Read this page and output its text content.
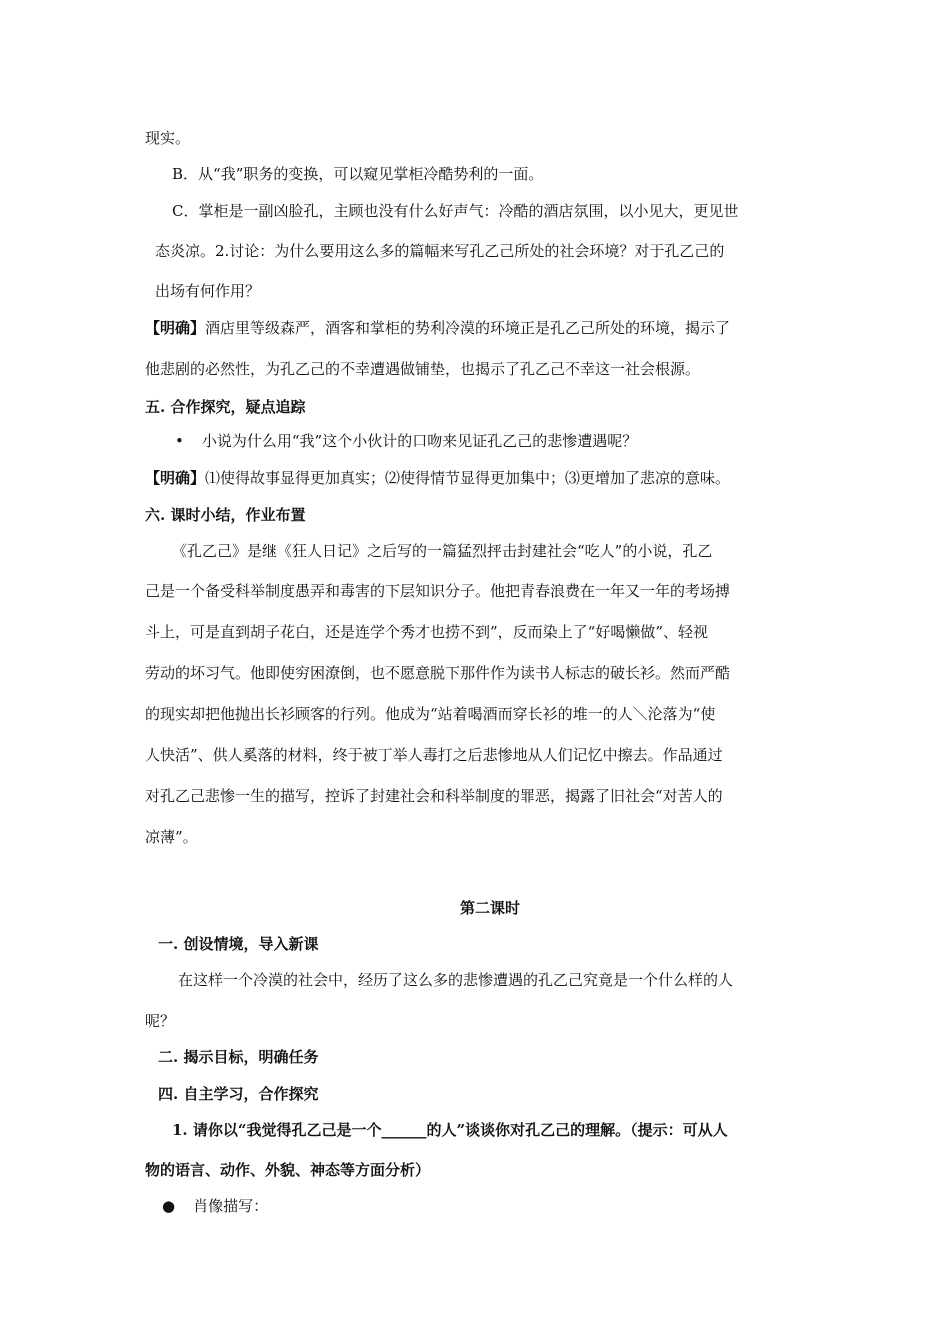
现实。
B．从“我”职务的变换，可以窥见掌柜冷酷势利的一面。
C．掌柜是一副凶脸孔，主顾也没有什么好声气：冷酷的酒店氛围，以小见大，更见世
态炎凉。2.讨论：为什么要用这么多的篇幅来写孔乙己所处的社会环境？对于孔乙己的
出场有何作用？
【明确】酒店里等级森严，酒客和掌柜的势利冷漠的环境正是孔乙己所处的环境，揭示了
他悲剧的必然性，为孔乙己的不幸遭遇做铺垫，也揭示了孔乙己不幸这一社会根源。
五. 合作探究，疑点追踪
• 小说为什么用“我”这个小伙计的口吻来见证孔乙己的悲惨遭遇呢？
【明确】⑴使得故事显得更加真实；⑵使得情节显得更加集中；⑶更增加了悲凉的意味。
六. 课时小结，作业布置
《孔乙己》是继《狂人日记》之后写的一篇猛烈抨击封建社会“吃人”的小说，孔乙
己是一个备受科举制度愚弄和毒害的下层知识分子。他把青春浪费在一年又一年的考场搏
斗上，可是直到胡子花白，还是连学个秀才也捞不到”，反而染上了“好喝懒做”、轻视
劳动的坏习气。他即使穷困潦倒，也不愿意脱下那件作为读书人标志的破长衫。然而严酷
的现实却把他抛出长衫顾客的行列。他成为“站着喝酒而穿长衫的堆一的人＼沦落为“使
人快活”、供人奚落的材料，终于被丁举人毒打之后悲惨地从人们记忆中擦去。作品通过
对孔乙己悲惨一生的描写，控诉了封建社会和科举制度的罪恶，揭露了旧社会“对苦人的
凉薄”。
第二课时
一. 创设情境，导入新课
在这样一个冷漠的社会中，经历了这么多的悲惨遭遇的孔乙己究竟是一个什么样的人
呢？
二. 揭示目标，明确任务
四. 自主学习，合作探究
1. 请你以“我觉得孔乙己是一个______的人”谈谈你对孔乙己的理解。（提示：可从人
物的语言、动作、外貌、神态等方面分析）
● 肖像描写：
